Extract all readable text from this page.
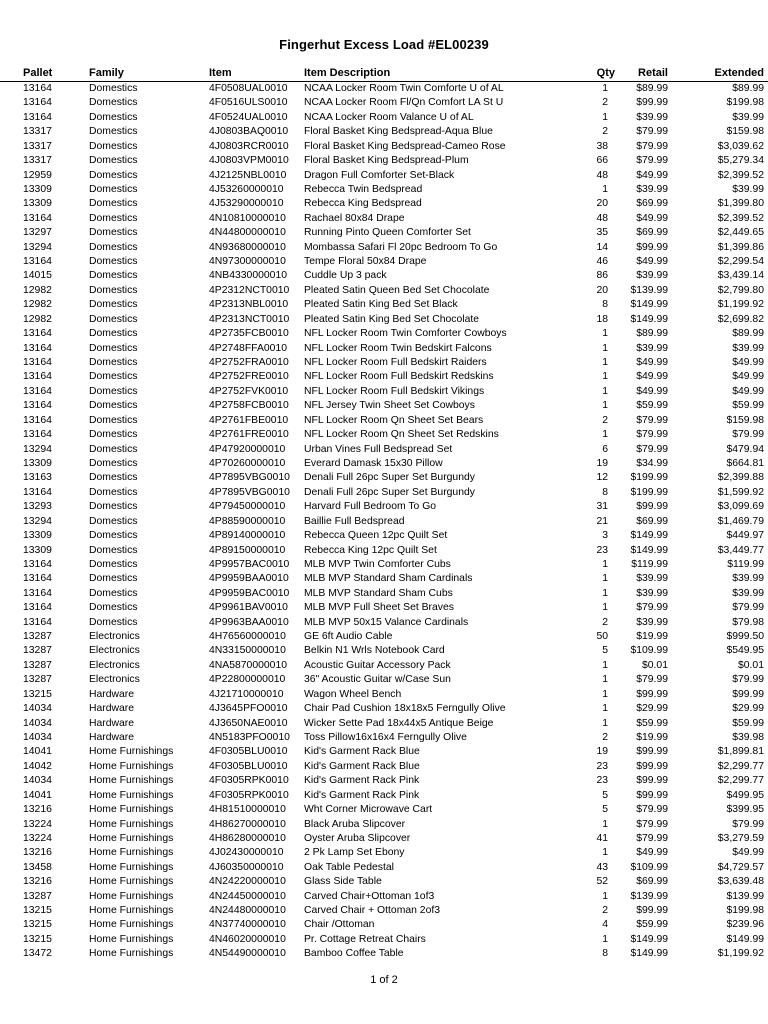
Fingerhut Excess Load #EL00239
Pallet	Family	Item	Item Description	Qty	Retail	Extended
13164	Domestics	4F0508UAL0010 NCAA Locker Room Twin Comforte U of AL	1	$89.99	$89.99
13164	Domestics	4F0516ULS0010 NCAA Locker Room Fl/Qn Comfort LA St U	2	$99.99	$199.98
13164	Domestics	4F0524UAL0010 NCAA Locker Room Valance U of AL	1	$39.99	$39.99
13317	Domestics	4J0803BAQ0010 Floral Basket King Bedspread-Aqua Blue	2	$79.99	$159.98
13317	Domestics	4J0803RCR0010 Floral Basket King Bedspread-Cameo Rose	38	$79.99	$3,039.62
13317	Domestics	4J0803VPM0010 Floral Basket King Bedspread-Plum	66	$79.99	$5,279.34
12959	Domestics	4J2125NBL0010 Dragon Full Comforter Set-Black	48	$49.99	$2,399.52
13309	Domestics	4J53260000010 Rebecca Twin Bedspread	1	$39.99	$39.99
13309	Domestics	4J53290000010 Rebecca King Bedspread	20	$69.99	$1,399.80
13164	Domestics	4N10810000010 Rachael 80x84 Drape	48	$49.99	$2,399.52
13297	Domestics	4N44800000010 Running Pinto Queen Comforter Set	35	$69.99	$2,449.65
13294	Domestics	4N93680000010 Mombassa Safari Fl 20pc Bedroom To Go	14	$99.99	$1,399.86
13164	Domestics	4N97300000010 Tempe Floral 50x84 Drape	46	$49.99	$2,299.54
14015	Domestics	4NB4330000010 Cuddle Up 3 pack	86	$39.99	$3,439.14
12982	Domestics	4P2312NCT0010 Pleated Satin Queen Bed Set Chocolate	20	$139.99	$2,799.80
12982	Domestics	4P2313NBL0010 Pleated Satin King Bed Set Black	8	$149.99	$1,199.92
12982	Domestics	4P2313NCT0010 Pleated Satin King Bed Set Chocolate	18	$149.99	$2,699.82
13164	Domestics	4P2735FCB0010 NFL Locker Room Twin Comforter Cowboys	1	$89.99	$89.99
13164	Domestics	4P2748FFA0010 NFL Locker Room Twin Bedskirt Falcons	1	$39.99	$39.99
13164	Domestics	4P2752FRA0010 NFL Locker Room Full Bedskirt Raiders	1	$49.99	$49.99
13164	Domestics	4P2752FRE0010 NFL Locker Room Full Bedskirt Redskins	1	$49.99	$49.99
13164	Domestics	4P2752FVK0010 NFL Locker Room Full Bedskirt Vikings	1	$49.99	$49.99
13164	Domestics	4P2758FCB0010 NFL Jersey Twin Sheet Set Cowboys	1	$59.99	$59.99
13164	Domestics	4P2761FBE0010 NFL Locker Room Qn Sheet Set Bears	2	$79.99	$159.98
13164	Domestics	4P2761FRE0010 NFL Locker Room Qn Sheet Set Redskins	1	$79.99	$79.99
13294	Domestics	4P47920000010 Urban Vines Full Bedspread Set	6	$79.99	$479.94
13309	Domestics	4P70260000010 Everard Damask 15x30 Pillow	19	$34.99	$664.81
13163	Domestics	4P7895VBG0010 Denali Full 26pc Super Set Burgundy	12	$199.99	$2,399.88
13164	Domestics	4P7895VBG0010 Denali Full 26pc Super Set Burgundy	8	$199.99	$1,599.92
13293	Domestics	4P79450000010 Harvard Full Bedroom To Go	31	$99.99	$3,099.69
13294	Domestics	4P88590000010 Baillie Full Bedspread	21	$69.99	$1,469.79
13309	Domestics	4P89140000010 Rebecca Queen 12pc Quilt Set	3	$149.99	$449.97
13309	Domestics	4P89150000010 Rebecca King 12pc Quilt Set	23	$149.99	$3,449.77
13164	Domestics	4P9957BAC0010 MLB MVP Twin Comforter Cubs	1	$119.99	$119.99
13164	Domestics	4P9959BAA0010 MLB MVP Standard Sham Cardinals	1	$39.99	$39.99
13164	Domestics	4P9959BAC0010 MLB MVP Standard Sham Cubs	1	$39.99	$39.99
13164	Domestics	4P9961BAV0010 MLB MVP Full Sheet Set Braves	1	$79.99	$79.99
13164	Domestics	4P9963BAA0010 MLB MVP 50x15 Valance Cardinals	2	$39.99	$79.98
13287	Electronics	4H76560000010 GE 6ft Audio Cable	50	$19.99	$999.50
13287	Electronics	4N33150000010 Belkin N1 Wrls Notebook Card	5	$109.99	$549.95
13287	Electronics	4NA5870000010 Acoustic Guitar Accessory Pack	1	$0.01	$0.01
13287	Electronics	4P22800000010 36" Acoustic Guitar w/Case Sun	1	$79.99	$79.99
13215	Hardware	4J21710000010 Wagon Wheel Bench	1	$99.99	$99.99
14034	Hardware	4J3645PFO0010 Chair Pad Cushion 18x18x5 Ferngully Olive	1	$29.99	$29.99
14034	Hardware	4J3650NAE0010 Wicker Sette Pad 18x44x5 Antique Beige	1	$59.99	$59.99
14034	Hardware	4N5183PFO0010 Toss Pillow16x16x4 Ferngully Olive	2	$19.99	$39.98
14041	Home Furnishings	4F0305BLU0010 Kid's Garment Rack Blue	19	$99.99	$1,899.81
14042	Home Furnishings	4F0305BLU0010 Kid's Garment Rack Blue	23	$99.99	$2,299.77
14034	Home Furnishings	4F0305RPK0010 Kid's Garment Rack Pink	23	$99.99	$2,299.77
14041	Home Furnishings	4F0305RPK0010 Kid's Garment Rack Pink	5	$99.99	$499.95
13216	Home Furnishings	4H81510000010 Wht Corner Microwave Cart	5	$79.99	$399.95
13224	Home Furnishings	4H86270000010 Black Aruba Slipcover	1	$79.99	$79.99
13224	Home Furnishings	4H86280000010 Oyster Aruba Slipcover	41	$79.99	$3,279.59
13216	Home Furnishings	4J02430000010 2 Pk Lamp Set Ebony	1	$49.99	$49.99
13458	Home Furnishings	4J60350000010 Oak Table Pedestal	43	$109.99	$4,729.57
13216	Home Furnishings	4N24220000010 Glass Side Table	52	$69.99	$3,639.48
13287	Home Furnishings	4N24450000010 Carved Chair+Ottoman 1of3	1	$139.99	$139.99
13215	Home Furnishings	4N24480000010 Carved Chair + Ottoman 2of3	2	$99.99	$199.98
13215	Home Furnishings	4N37740000010 Chair /Ottoman	4	$59.99	$239.96
13215	Home Furnishings	4N46020000010 Pr. Cottage Retreat Chairs	1	$149.99	$149.99
13472	Home Furnishings	4N54490000010 Bamboo Coffee Table	8	$149.99	$1,199.92
1 of 2
